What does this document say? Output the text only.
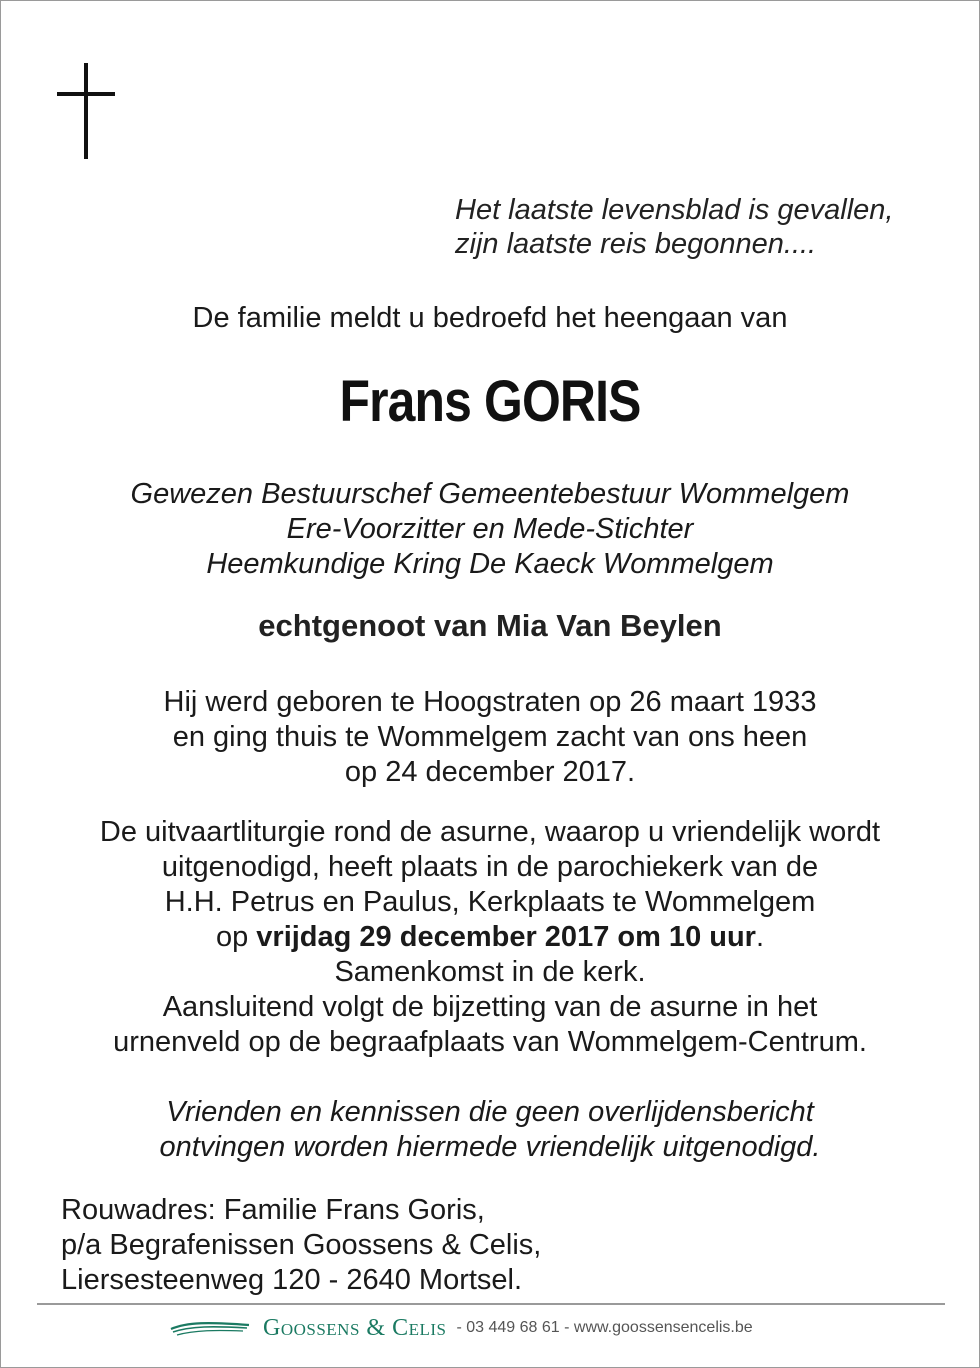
Het laatste levensblad is gevallen,
zijn laatste reis begonnen....
De familie meldt u bedroefd het heengaan van
Frans GORIS
Gewezen Bestuurschef Gemeentebestuur Wommelgem
Ere-Voorzitter en Mede-Stichter
Heemkundige Kring De Kaeck Wommelgem
echtgenoot van Mia Van Beylen
Hij werd geboren te Hoogstraten op 26 maart 1933
en ging thuis te Wommelgem zacht van ons heen
op 24 december 2017.
De uitvaartliturgie rond de asurne, waarop u vriendelijk wordt
uitgenodigd, heeft plaats in de parochiekerk van de
H.H. Petrus en Paulus, Kerkplaats te Wommelgem
op vrijdag 29 december 2017 om 10 uur.
Samenkomst in de kerk.
Aansluitend volgt de bijzetting van de asurne in het
urnenveld op de begraafplaats van Wommelgem-Centrum.
Vrienden en kennissen die geen overlijdensbericht
ontvingen worden hiermede vriendelijk uitgenodigd.
Rouwadres: Familie Frans Goris,
p/a Begrafenissen Goossens & Celis,
Liersesteenweg 120 - 2640 Mortsel.
Goossens & Celis - 03 449 68 61 - www.goossensencelis.be
